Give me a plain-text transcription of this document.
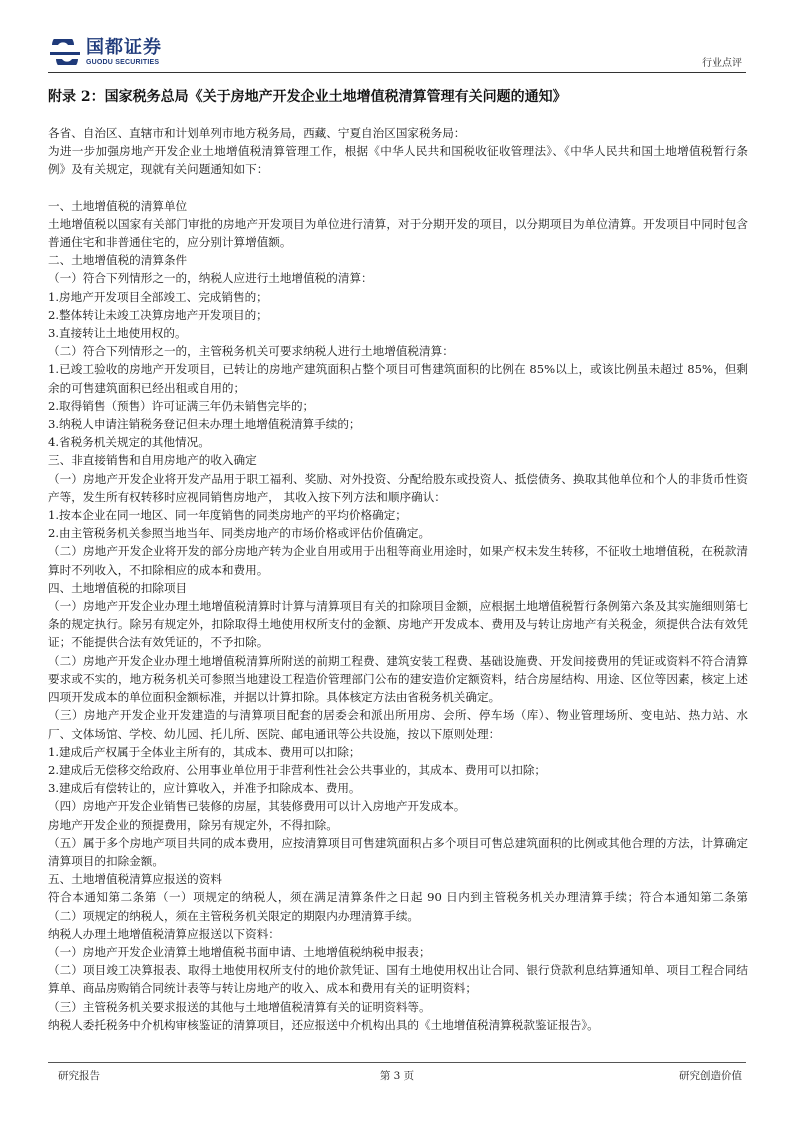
国都证券
GUODU SECURITIES	行业点评
附录 2：国家税务总局《关于房地产开发企业土地增值税清算管理有关问题的通知》

各省、自治区、直辖市和计划单列市地方税务局，西藏、宁夏自治区国家税务局：

为进一步加强房地产开发企业土地增值税清算管理工作，根据《中华人民共和国税收征收管理法》、《中华人民共和国土地增值税暂行条例》及有关规定，现就有关问题通知如下：

一、土地增值税的清算单位

土地增值税以国家有关部门审批的房地产开发项目为单位进行清算，对于分期开发的项目，以分期项目为单位清算。开发项目中同时包含普通住宅和非普通住宅的，应分别计算增值额。

二、土地增值税的清算条件

（一）符合下列情形之一的，纳税人应进行土地增值税的清算：

1.房地产开发项目全部竣工、完成销售的；

2.整体转让未竣工决算房地产开发项目的；

3.直接转让土地使用权的。

（二）符合下列情形之一的，主管税务机关可要求纳税人进行土地增值税清算：

1.已竣工验收的房地产开发项目，已转让的房地产建筑面积占整个项目可售建筑面积的比例在 85%以上，或该比例虽未超过 85%，但剩余的可售建筑面积已经出租或自用的；

2.取得销售（预售）许可证满三年仍未销售完毕的；

3.纳税人申请注销税务登记但未办理土地增值税清算手续的；

4.省税务机关规定的其他情况。

三、非直接销售和自用房地产的收入确定

（一）房地产开发企业将开发产品用于职工福利、奖励、对外投资、分配给股东或投资人、抵偿债务、换取其他单位和个人的非货币性资产等，发生所有权转移时应视同销售房地产， 其收入按下列方法和顺序确认：

1.按本企业在同一地区、同一年度销售的同类房地产的平均价格确定；

2.由主管税务机关参照当地当年、同类房地产的市场价格或评估价值确定。

（二）房地产开发企业将开发的部分房地产转为企业自用或用于出租等商业用途时，如果产权未发生转移，不征收土地增值税，在税款清算时不列收入，不扣除相应的成本和费用。

四、土地增值税的扣除项目

（一）房地产开发企业办理土地增值税清算时计算与清算项目有关的扣除项目金额，应根据土地增值税暂行条例第六条及其实施细则第七条的规定执行。除另有规定外，扣除取得土地使用权所支付的金额、房地产开发成本、费用及与转让房地产有关税金，须提供合法有效凭证；不能提供合法有效凭证的，不予扣除。

（二）房地产开发企业办理土地增值税清算所附送的前期工程费、建筑安装工程费、基础设施费、开发间接费用的凭证或资料不符合清算要求或不实的，地方税务机关可参照当地建设工程造价管理部门公布的建安造价定额资料，结合房屋结构、用途、区位等因素，核定上述四项开发成本的单位面积金额标准，并据以计算扣除。具体核定方法由省税务机关确定。

（三）房地产开发企业开发建造的与清算项目配套的居委会和派出所用房、会所、停车场（库）、物业管理场所、变电站、热力站、水厂、文体场馆、学校、幼儿园、托儿所、医院、邮电通讯等公共设施，按以下原则处理：

1.建成后产权属于全体业主所有的，其成本、费用可以扣除；

2.建成后无偿移交给政府、公用事业单位用于非营利性社会公共事业的，其成本、费用可以扣除；

3.建成后有偿转让的，应计算收入，并准予扣除成本、费用。

（四）房地产开发企业销售已装修的房屋，其装修费用可以计入房地产开发成本。

房地产开发企业的预提费用，除另有规定外，不得扣除。

（五）属于多个房地产项目共同的成本费用，应按清算项目可售建筑面积占多个项目可售总建筑面积的比例或其他合理的方法，计算确定清算项目的扣除金额。

五、土地增值税清算应报送的资料

符合本通知第二条第（一）项规定的纳税人，须在满足清算条件之日起 90 日内到主管税务机关办理清算手续；符合本通知第二条第（二）项规定的纳税人，须在主管税务机关限定的期限内办理清算手续。

纳税人办理土地增值税清算应报送以下资料：

（一）房地产开发企业清算土地增值税书面申请、土地增值税纳税申报表；

（二）项目竣工决算报表、取得土地使用权所支付的地价款凭证、国有土地使用权出让合同、银行贷款利息结算通知单、项目工程合同结算单、商品房购销合同统计表等与转让房地产的收入、成本和费用有关的证明资料；

（三）主管税务机关要求报送的其他与土地增值税清算有关的证明资料等。

纳税人委托税务中介机构审核鉴证的清算项目，还应报送中介机构出具的《土地增值税清算税款鉴证报告》。

研究报告	第 3 页	研究创造价值
